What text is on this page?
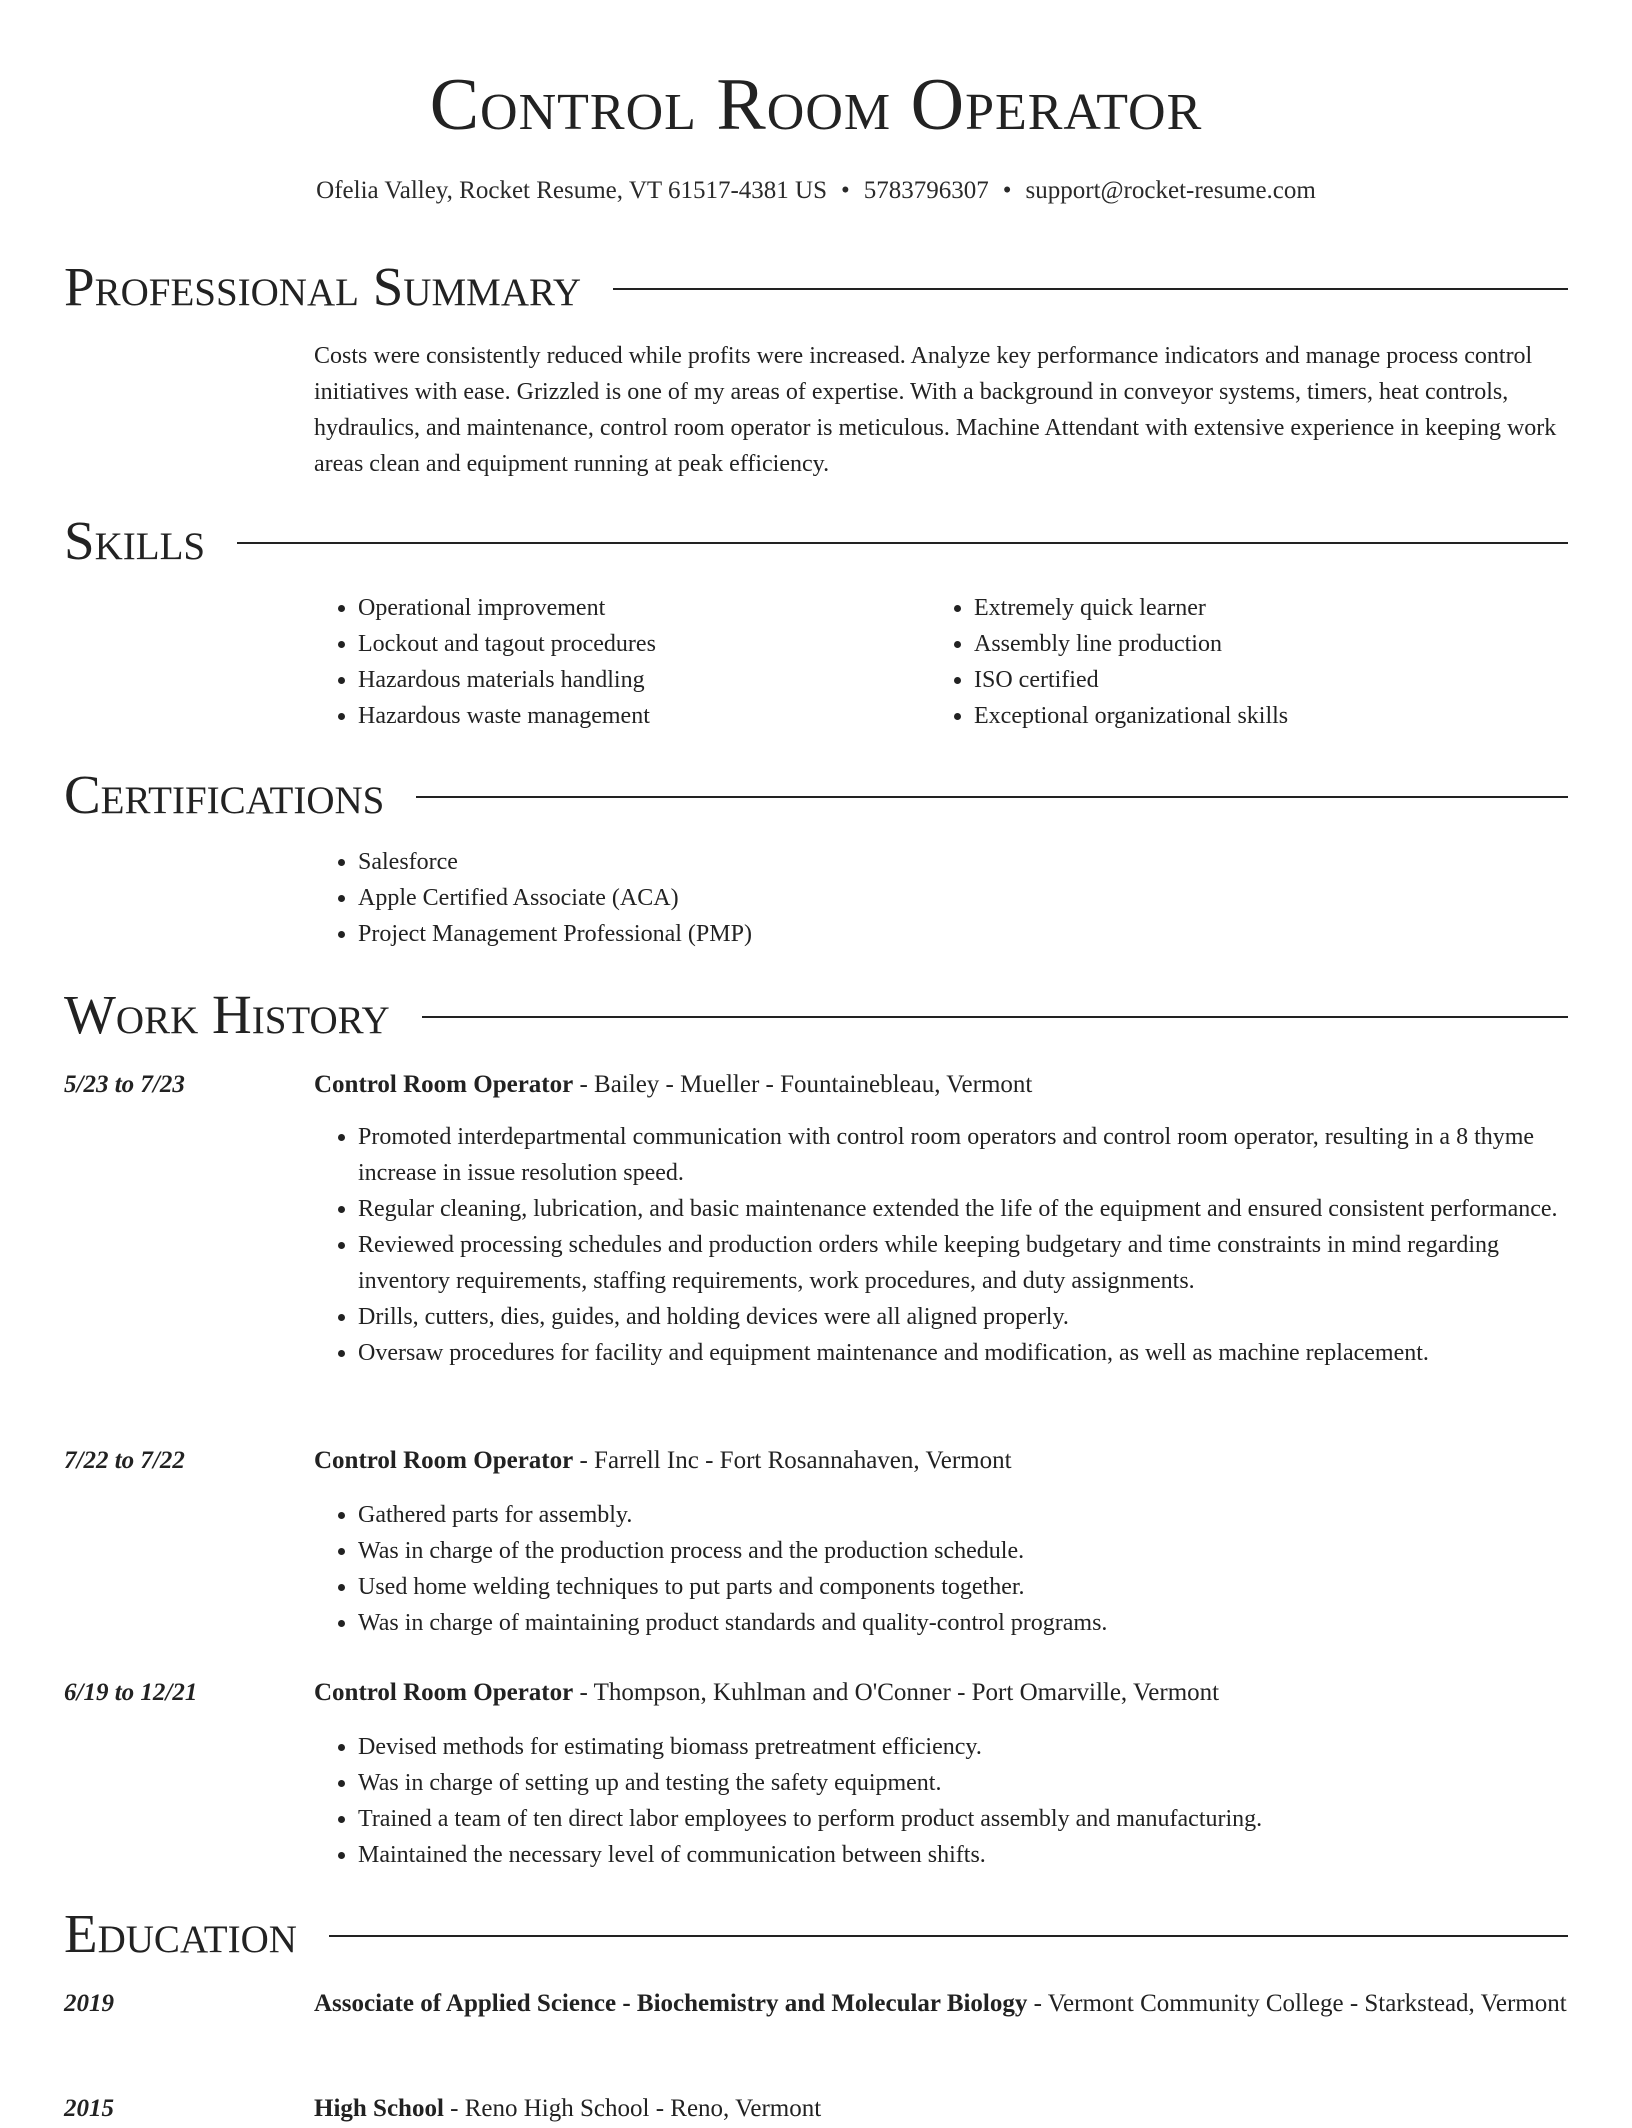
Control Room Operator
Ofelia Valley, Rocket Resume, VT 61517-4381 US • 5783796307 • support@rocket-resume.com
Professional Summary

Costs were consistently reduced while profits were increased. Analyze key performance indicators and manage process control initiatives with ease. Grizzled is one of my areas of expertise. With a background in conveyor systems, timers, heat controls, hydraulics, and maintenance, control room operator is meticulous. Machine Attendant with extensive experience in keeping work areas clean and equipment running at peak efficiency.

Skills
• Operational improvement
• Lockout and tagout procedures
• Hazardous materials handling
• Hazardous waste management
• Extremely quick learner
• Assembly line production
• ISO certified
• Exceptional organizational skills
Certifications
• Salesforce
• Apple Certified Associate (ACA)
• Project Management Professional (PMP)
Work History
5/23 to 7/23	Control Room Operator - Bailey - Mueller - Fountainebleau, Vermont
• Promoted interdepartmental communication with control room operators and control room operator, resulting in a 8 thyme increase in issue resolution speed.
• Regular cleaning, lubrication, and basic maintenance extended the life of the equipment and ensured consistent performance.
• Reviewed processing schedules and production orders while keeping budgetary and time constraints in mind regarding inventory requirements, staffing requirements, work procedures, and duty assignments.
• Drills, cutters, dies, guides, and holding devices were all aligned properly.
• Oversaw procedures for facility and equipment maintenance and modification, as well as machine replacement.
7/22 to 7/22	Control Room Operator - Farrell Inc - Fort Rosannahaven, Vermont
• Gathered parts for assembly.
• Was in charge of the production process and the production schedule.
• Used home welding techniques to put parts and components together.
• Was in charge of maintaining product standards and quality-control programs.
6/19 to 12/21	Control Room Operator - Thompson, Kuhlman and O'Conner - Port Omarville, Vermont
• Devised methods for estimating biomass pretreatment efficiency.
• Was in charge of setting up and testing the safety equipment.
• Trained a team of ten direct labor employees to perform product assembly and manufacturing.
• Maintained the necessary level of communication between shifts.
Education
2019	Associate of Applied Science - Biochemistry and Molecular Biology - Vermont Community College - Starkstead, Vermont
2015	High School - Reno High School - Reno, Vermont
